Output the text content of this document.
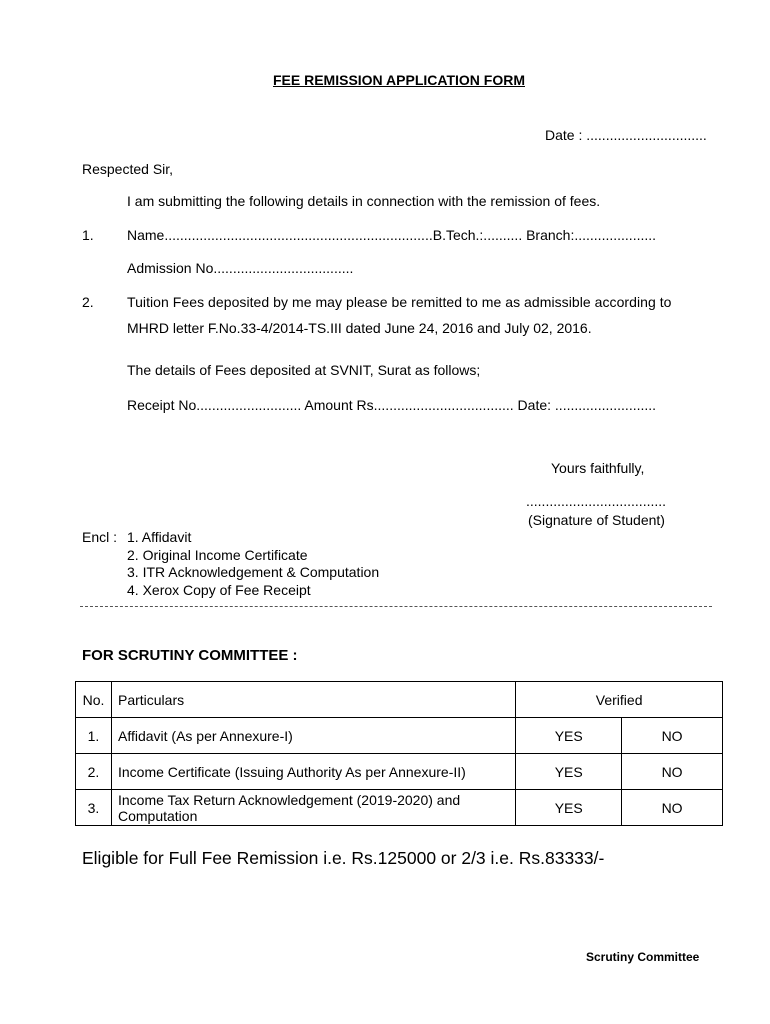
FEE REMISSION APPLICATION FORM
Date : ...............................
Respected Sir,
I am submitting the following details in connection with the remission of fees.
1. Name.....................................................................B.Tech.:.......... Branch:.....................
Admission No....................................
2. Tuition Fees deposited by me may please be remitted to me as admissible according to
MHRD letter F.No.33-4/2014-TS.III dated June 24, 2016 and July 02, 2016.
The details of Fees deposited at SVNIT, Surat as follows;
Receipt No........................... Amount Rs.................................... Date: ..........................
Yours faithfully,
....................................
(Signature of Student)
Encl : 1. Affidavit
2. Original Income Certificate
3. ITR Acknowledgement & Computation
4. Xerox Copy of Fee Receipt
FOR SCRUTINY COMMITTEE :
No.	Particulars	Verified	
1.	Affidavit (As per Annexure-I)	YES	NO
2.	Income Certificate (Issuing Authority As per Annexure-II)	YES	NO
3.	Income Tax Return Acknowledgement (2019-2020) and
Computation	YES	NO
Eligible for Full Fee Remission i.e. Rs.125000 or 2/3 i.e. Rs.83333/-
Scrutiny Committee
